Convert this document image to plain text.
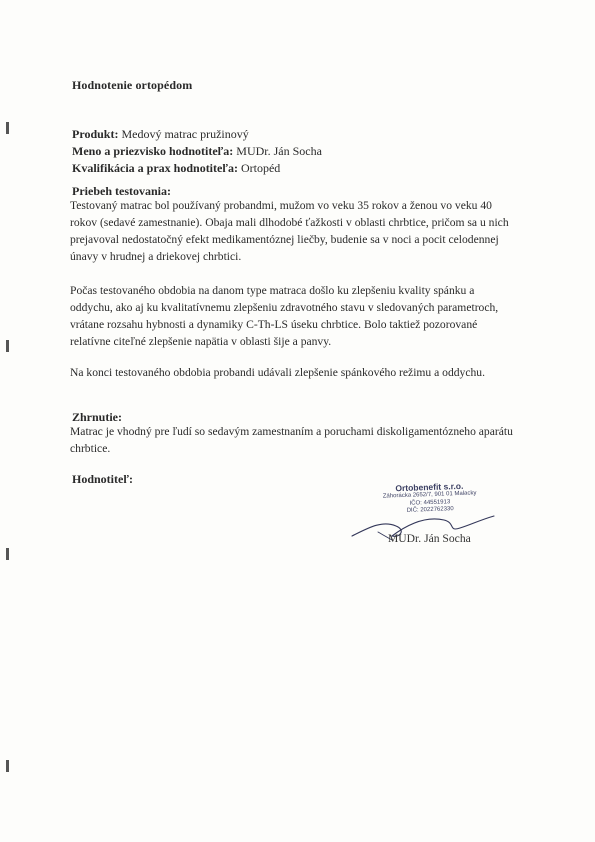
Hodnotenie ortopédom
Produkt: Medový matrac pružinový
Meno a priezvisko hodnotiteľa: MUDr. Ján Socha
Kvalifikácia a prax hodnotiteľa: Ortopéd
Priebeh testovania:

Testovaný matrac bol používaný probandmi, mužom vo veku 35 rokov a ženou vo veku 40 rokov (sedavé zamestnanie). Obaja mali dlhodobé ťažkosti v oblasti chrbtice, pričom sa u nich prejavoval nedostatočný efekt medikamentóznej liečby, budenie sa v noci a pocit celodennej únavy v hrudnej a driekovej chrbtici.

Počas testovaného obdobia na danom type matraca došlo ku zlepšeniu kvality spánku a oddychu, ako aj ku kvalitatívnemu zlepšeniu zdravotného stavu v sledovaných parametroch, vrátane rozsahu hybnosti a dynamiky C-Th-LS úseku chrbtice. Bolo taktiež pozorované relatívne citeľné zlepšenie napätia v oblasti šije a panvy.

Na konci testovaného obdobia probandi udávali zlepšenie spánkového režimu a oddychu.

Zhrnutie:

Matrac je vhodný pre ľudí so sedavým zamestnaním a poruchami diskoligamentózneho aparátu chrbtice.

Hodnotiteľ:
Ortobenefit s.r.o.
Záhorácka 2652/7, 901 01 Malacky
IČO: 44551913
DIČ: 2022762330
MUDr. Ján Socha
